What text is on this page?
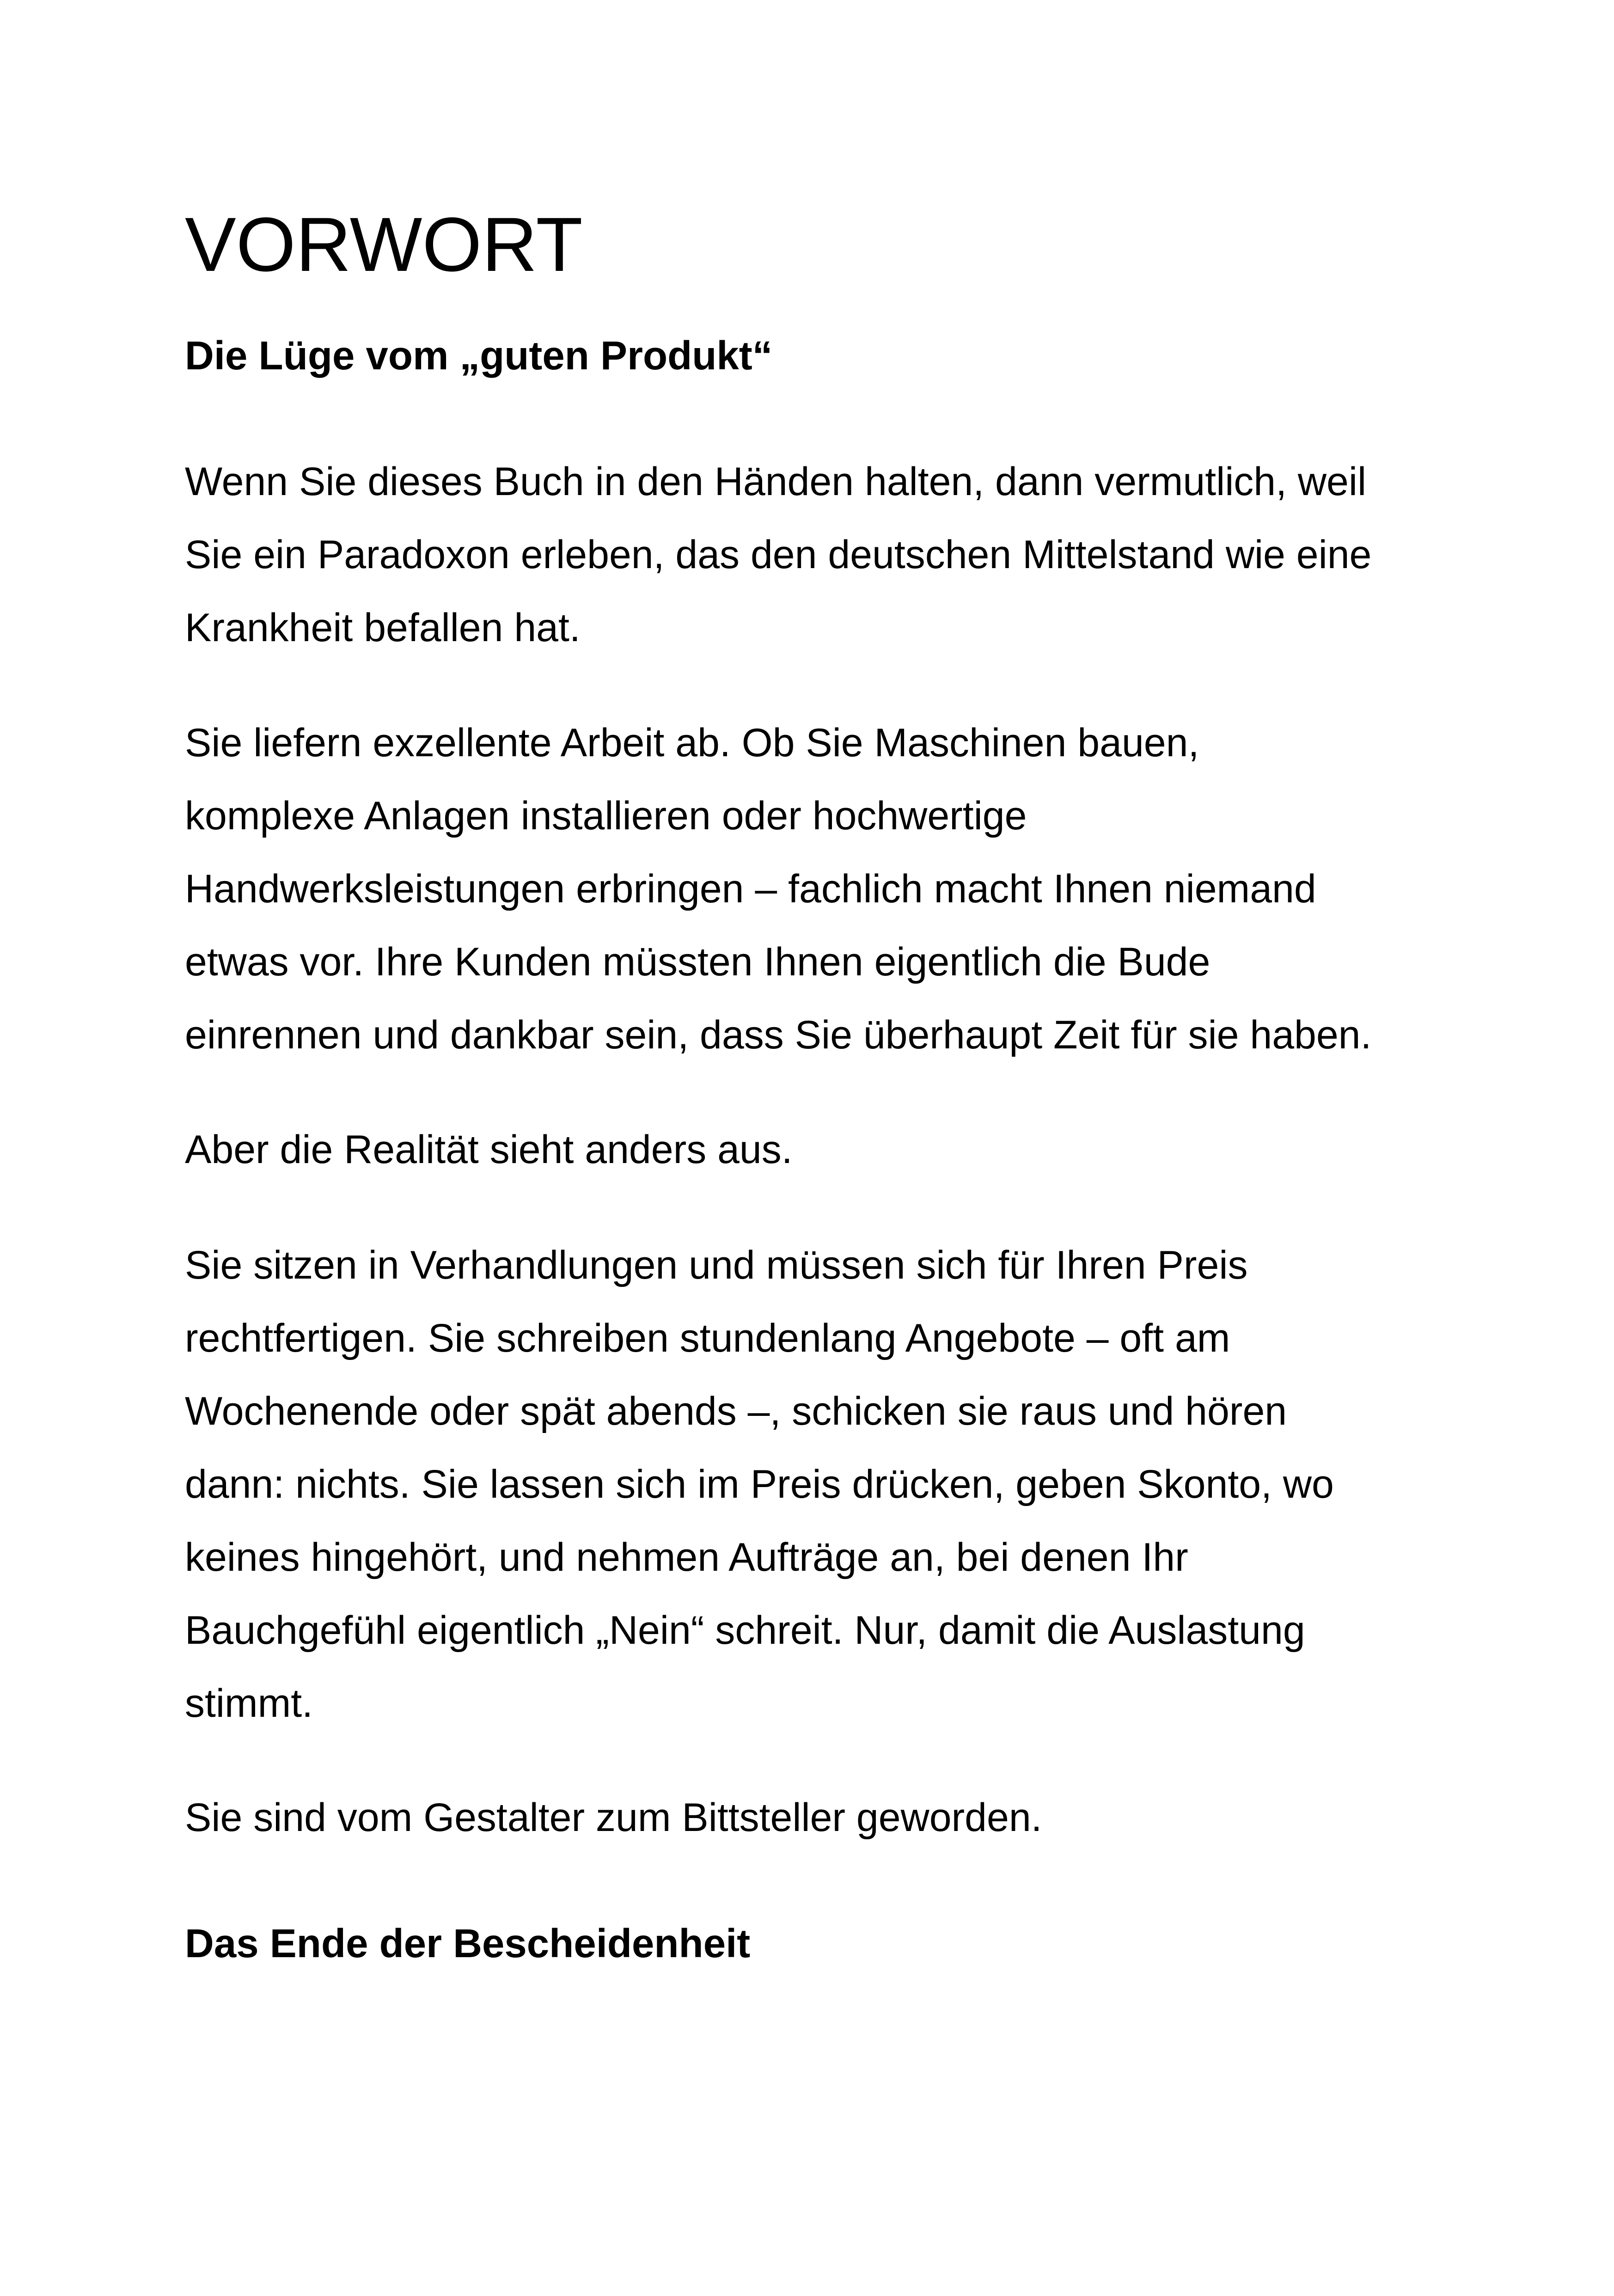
VORWORT
Die Lüge vom „guten Produkt“

Wenn Sie dieses Buch in den Händen halten, dann vermutlich, weil
Sie ein Paradoxon erleben, das den deutschen Mittelstand wie eine
Krankheit befallen hat.

Sie liefern exzellente Arbeit ab. Ob Sie Maschinen bauen,
komplexe Anlagen installieren oder hochwertige
Handwerksleistungen erbringen – fachlich macht Ihnen niemand
etwas vor. Ihre Kunden müssten Ihnen eigentlich die Bude
einrennen und dankbar sein, dass Sie überhaupt Zeit für sie haben.

Aber die Realität sieht anders aus.

Sie sitzen in Verhandlungen und müssen sich für Ihren Preis
rechtfertigen. Sie schreiben stundenlang Angebote – oft am
Wochenende oder spät abends –, schicken sie raus und hören
dann: nichts. Sie lassen sich im Preis drücken, geben Skonto, wo
keines hingehört, und nehmen Aufträge an, bei denen Ihr
Bauchgefühl eigentlich „Nein“ schreit. Nur, damit die Auslastung
stimmt.

Sie sind vom Gestalter zum Bittsteller geworden.

Das Ende der Bescheidenheit
